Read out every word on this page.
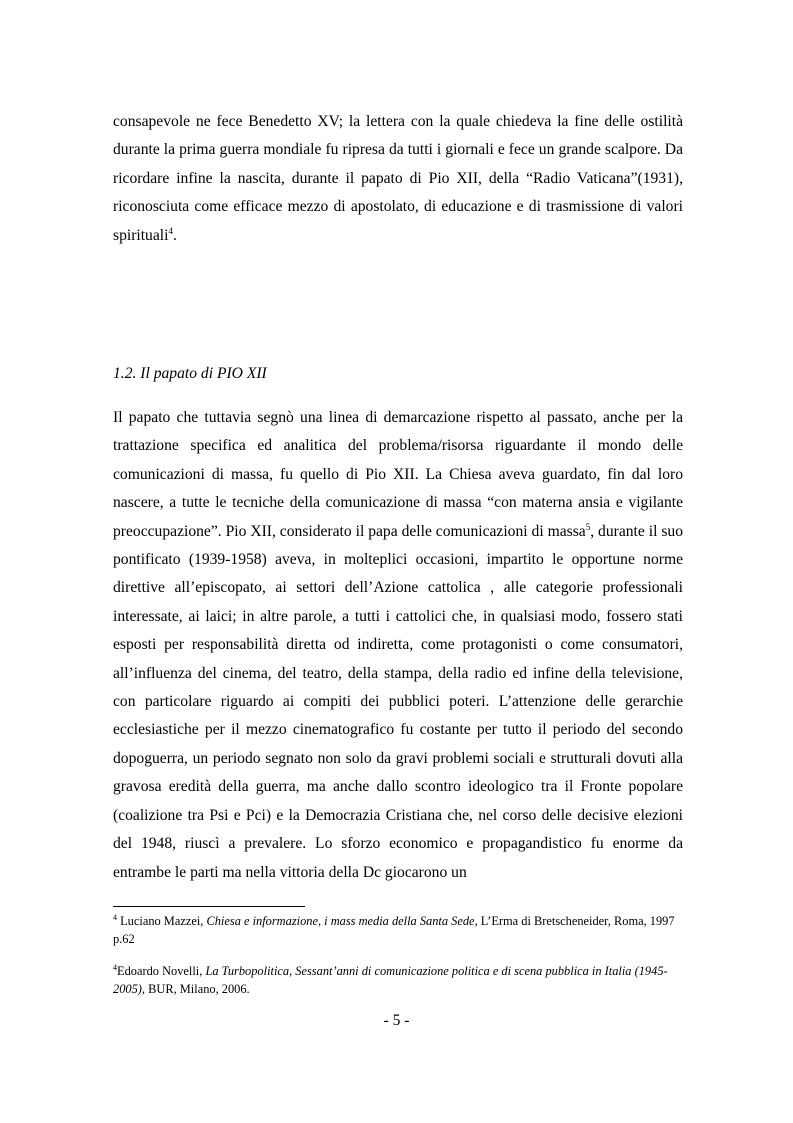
consapevole ne fece Benedetto XV; la lettera con la quale chiedeva la fine delle ostilità durante la prima guerra mondiale fu ripresa da tutti i giornali e fece un grande scalpore. Da ricordare infine la nascita, durante il papato di Pio XII, della “Radio Vaticana”(1931), riconosciuta come efficace mezzo di apostolato, di educazione e di trasmissione di valori spirituali$^4$.

1.2. Il papato di PIO XII

Il papato che tuttavia segnò una linea di demarcazione rispetto al passato, anche per la trattazione specifica ed analitica del problema/risorsa riguardante il mondo delle comunicazioni di massa, fu quello di Pio XII. La Chiesa aveva guardato, fin dal loro nascere, a tutte le tecniche della comunicazione di massa “con materna ansia e vigilante preoccupazione”. Pio XII, considerato il papa delle comunicazioni di massa$^5$, durante il suo pontificato (1939-1958) aveva, in molteplici occasioni, impartito le opportune norme direttive all’episcopato, ai settori dell’Azione cattolica , alle categorie professionali interessate, ai laici; in altre parole, a tutti i cattolici che, in qualsiasi modo, fossero stati esposti per responsabilità diretta od indiretta, come protagonisti o come consumatori, all’influenza del cinema, del teatro, della stampa, della radio ed infine della televisione, con particolare riguardo ai compiti dei pubblici poteri. L’attenzione delle gerarchie ecclesiastiche per il mezzo cinematografico fu costante per tutto il periodo del secondo dopoguerra, un periodo segnato non solo da gravi problemi sociali e strutturali dovuti alla gravosa eredità della guerra, ma anche dallo scontro ideologico tra il Fronte popolare (coalizione tra Psi e Pci) e la Democrazia Cristiana che, nel corso delle decisive elezioni del 1948, riuscì a prevalere. Lo sforzo economico e propagandistico fu enorme da entrambe le parti ma nella vittoria della Dc giocarono un

$^4$ Luciano Mazzei, Chiesa e informazione, i mass media della Santa Sede, L’Erma di Bretscheneider, Roma, 1997 p.62

$^4$Edoardo Novelli, La Turbopolitica, Sessant’anni di comunicazione politica e di scena pubblica in Italia (1945-2005), BUR, Milano, 2006.

- 5 -
